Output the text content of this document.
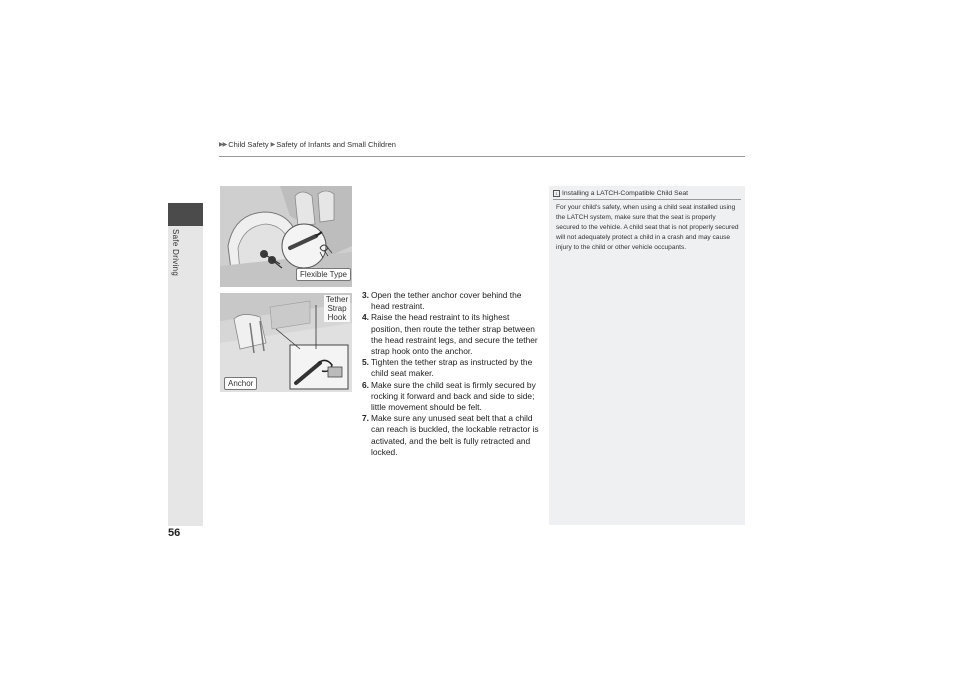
▶▶ Child Safety ▶ Safety of Infants and Small Children
Safe Driving
56
Flexible Type
Tether Strap Hook
Anchor
3. Open the tether anchor cover behind the head restraint.
4. Raise the head restraint to its highest position, then route the tether strap between the head restraint legs, and secure the tether strap hook onto the anchor.
5. Tighten the tether strap as instructed by the child seat maker.
6. Make sure the child seat is firmly secured by rocking it forward and back and side to side; little movement should be felt.
7. Make sure any unused seat belt that a child can reach is buckled, the lockable retractor is activated, and the belt is fully retracted and locked.
1 Installing a LATCH-Compatible Child Seat

For your child's safety, when using a child seat installed using the LATCH system, make sure that the seat is properly secured to the vehicle. A child seat that is not properly secured will not adequately protect a child in a crash and may cause injury to the child or other vehicle occupants.
